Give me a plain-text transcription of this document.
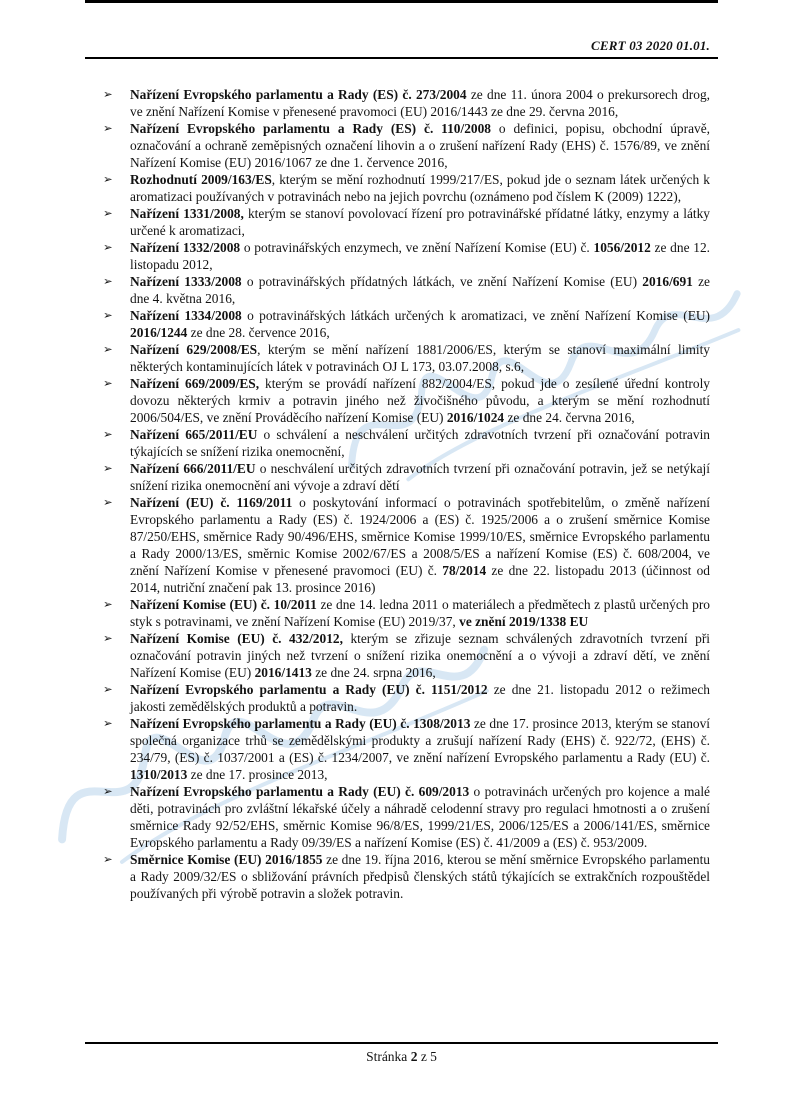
CERT 03 2020 01.01.
➢ Nařízení Evropského parlamentu a Rady (ES) č. 273/2004 ze dne 11. února 2004 o prekursorech drog, ve znění Nařízení Komise v přenesené pravomoci (EU) 2016/1443 ze dne 29. června 2016,
➢ Nařízení Evropského parlamentu a Rady (ES) č. 110/2008 o definici, popisu, obchodní úpravě, označování a ochraně zeměpisných označení lihovin a o zrušení nařízení Rady (EHS) č. 1576/89, ve znění Nařízení Komise (EU) 2016/1067 ze dne 1. července 2016,
➢ Rozhodnutí 2009/163/ES, kterým se mění rozhodnutí 1999/217/ES, pokud jde o seznam látek určených k aromatizaci používaných v potravinách nebo na jejich povrchu (oznámeno pod číslem K (2009) 1222),
➢ Nařízení 1331/2008, kterým se stanoví povolovací řízení pro potravinářské přídatné látky, enzymy a látky určené k aromatizaci,
➢ Nařízení 1332/2008 o potravinářských enzymech, ve znění Nařízení Komise (EU) č. 1056/2012 ze dne 12. listopadu 2012,
➢ Nařízení 1333/2008 o potravinářských přídatných látkách, ve znění Nařízení Komise (EU) 2016/691 ze dne 4. května 2016,
➢ Nařízení 1334/2008 o potravinářských látkách určených k aromatizaci, ve znění Nařízení Komise (EU) 2016/1244 ze dne 28. července 2016,
➢ Nařízení 629/2008/ES, kterým se mění nařízení 1881/2006/ES, kterým se stanoví maximální limity některých kontaminujících látek v potravinách OJ L 173, 03.07.2008, s.6,
➢ Nařízení 669/2009/ES, kterým se provádí nařízení 882/2004/ES, pokud jde o zesílené úřední kontroly dovozu některých krmiv a potravin jiného než živočišného původu, a kterým se mění rozhodnutí 2006/504/ES, ve znění Prováděcího nařízení Komise (EU) 2016/1024 ze dne 24. června 2016,
➢ Nařízení 665/2011/EU o schválení a neschválení určitých zdravotních tvrzení při označování potravin týkajících se snížení rizika onemocnění,
➢ Nařízení 666/2011/EU o neschválení určitých zdravotních tvrzení při označování potravin, jež se netýkají snížení rizika onemocnění ani vývoje a zdraví dětí
➢ Nařízení (EU) č. 1169/2011 o poskytování informací o potravinách spotřebitelům, o změně nařízení Evropského parlamentu a Rady (ES) č. 1924/2006 a (ES) č. 1925/2006 a o zrušení směrnice Komise 87/250/EHS, směrnice Rady 90/496/EHS, směrnice Komise 1999/10/ES, směrnice Evropského parlamentu a Rady 2000/13/ES, směrnic Komise 2002/67/ES a 2008/5/ES a nařízení Komise (ES) č. 608/2004, ve znění Nařízení Komise v přenesené pravomoci (EU) č. 78/2014 ze dne 22. listopadu 2013 (účinnost od 2014, nutriční značení pak 13. prosince 2016)
➢ Nařízení Komise (EU) č. 10/2011 ze dne 14. ledna 2011 o materiálech a předmětech z plastů určených pro styk s potravinami, ve znění Nařízení Komise (EU) 2019/37, ve znění 2019/1338 EU
➢ Nařízení Komise (EU) č. 432/2012, kterým se zřizuje seznam schválených zdravotních tvrzení při označování potravin jiných než tvrzení o snížení rizika onemocnění a o vývoji a zdraví dětí, ve znění Nařízení Komise (EU) 2016/1413 ze dne 24. srpna 2016,
➢ Nařízení Evropského parlamentu a Rady (EU) č. 1151/2012 ze dne 21. listopadu 2012 o režimech jakosti zemědělských produktů a potravin.
➢ Nařízení Evropského parlamentu a Rady (EU) č. 1308/2013 ze dne 17. prosince 2013, kterým se stanoví společná organizace trhů se zemědělskými produkty a zrušují nařízení Rady (EHS) č. 922/72, (EHS) č. 234/79, (ES) č. 1037/2001 a (ES) č. 1234/2007, ve znění nařízení Evropského parlamentu a Rady (EU) č. 1310/2013 ze dne 17. prosince 2013,
➢ Nařízení Evropského parlamentu a Rady (EU) č. 609/2013 o potravinách určených pro kojence a malé děti, potravinách pro zvláštní lékařské účely a náhradě celodenní stravy pro regulaci hmotnosti a o zrušení směrnice Rady 92/52/EHS, směrnic Komise 96/8/ES, 1999/21/ES, 2006/125/ES a 2006/141/ES, směrnice Evropského parlamentu a Rady 09/39/ES a nařízení Komise (ES) č. 41/2009 a (ES) č. 953/2009.
➢ Směrnice Komise (EU) 2016/1855 ze dne 19. října 2016, kterou se mění směrnice Evropského parlamentu a Rady 2009/32/ES o sbližování právních předpisů členských států týkajících se extrakčních rozpouštědel používaných při výrobě potravin a složek potravin.
Stránka 2 z 5
